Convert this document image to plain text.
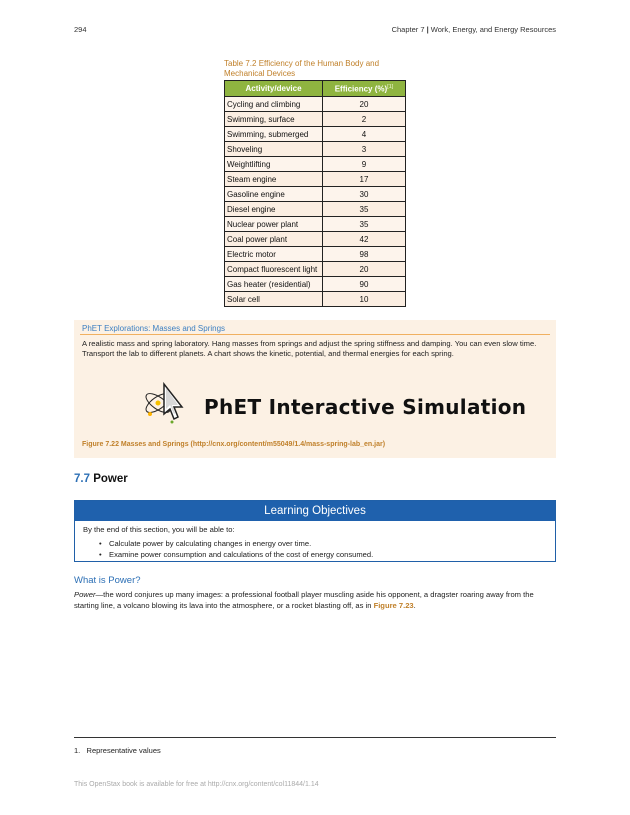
294	Chapter 7 | Work, Energy, and Energy Resources
Table 7.2 Efficiency of the Human Body and Mechanical Devices
Activity/device	Efficiency (%)[1]
Cycling and climbing	20
Swimming, surface	2
Swimming, submerged	4
Shoveling	3
Weightlifting	9
Steam engine	17
Gasoline engine	30
Diesel engine	35
Nuclear power plant	35
Coal power plant	42
Electric motor	98
Compact fluorescent light	20
Gas heater (residential)	90
Solar cell	10
PhET Explorations: Masses and Springs
A realistic mass and spring laboratory. Hang masses from springs and adjust the spring stiffness and damping. You can even slow time. Transport the lab to different planets. A chart shows the kinetic, potential, and thermal energies for each spring.
PhET Interactive Simulation
Figure 7.22 Masses and Springs (http://cnx.org/content/m55049/1.4/mass-spring-lab_en.jar)
7.7 Power
Learning Objectives
By the end of this section, you will be able to:
• Calculate power by calculating changes in energy over time.
• Examine power consumption and calculations of the cost of energy consumed.
What is Power?
Power—the word conjures up many images: a professional football player muscling aside his opponent, a dragster roaring away from the starting line, a volcano blowing its lava into the atmosphere, or a rocket blasting off, as in Figure 7.23.
1. Representative values
This OpenStax book is available for free at http://cnx.org/content/col11844/1.14
